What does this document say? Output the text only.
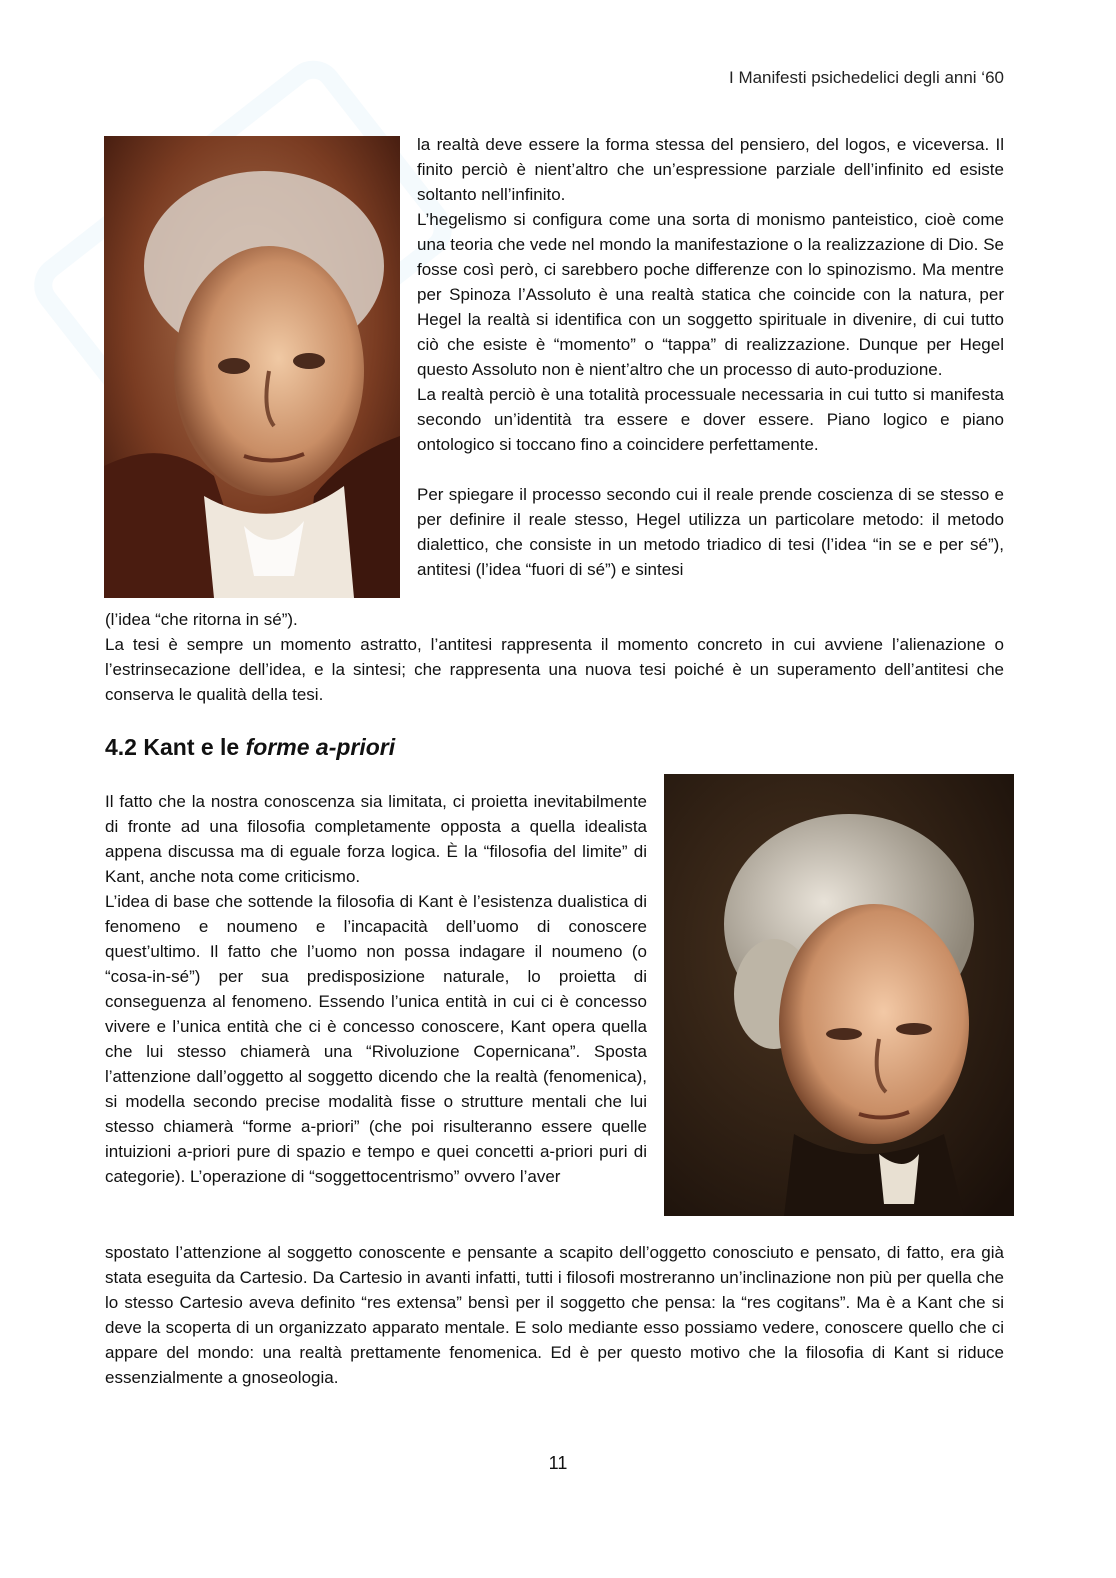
I Manifesti psichedelici degli anni ‘60

la realtà deve essere la forma stessa del pensiero, del logos, e viceversa. Il finito perciò è nient’altro che un’espressione parziale dell’infinito ed esiste soltanto nell’infinito.

L’hegelismo si configura come una sorta di monismo panteistico, cioè come una teoria che vede nel mondo la manifestazione o la realizzazione di Dio. Se fosse così però, ci sarebbero poche differenze con lo spinozismo. Ma mentre per Spinoza l’Assoluto è una realtà statica che coincide con la natura, per Hegel la realtà si identifica con un soggetto spirituale in divenire, di cui tutto ciò che esiste è “momento” o “tappa” di realizzazione. Dunque per Hegel questo Assoluto non è nient’altro che un processo di auto-produzione.

La realtà perciò è una totalità processuale necessaria in cui tutto si manifesta secondo un’identità tra essere e dover essere. Piano logico e piano ontologico si toccano fino a coincidere perfettamente.

Per spiegare il processo secondo cui il reale prende coscienza di se stesso e per definire il reale stesso, Hegel utilizza un particolare metodo: il metodo dialettico, che consiste in un metodo triadico di tesi (l’idea “in se e per sé”), antitesi (l’idea “fuori di sé”) e sintesi

(l’idea “che ritorna in sé”).

La tesi è sempre un momento astratto, l’antitesi rappresenta il momento concreto in cui avviene l’alienazione o l’estrinsecazione dell’idea, e la sintesi; che rappresenta una nuova tesi poiché è un superamento dell’antitesi che conserva le qualità della tesi.

4.2 Kant e le forme a-priori

Il fatto che la nostra conoscenza sia limitata, ci proietta inevitabilmente di fronte ad una filosofia completamente opposta a quella idealista appena discussa ma di eguale forza logica. È la “filosofia del limite” di Kant, anche nota come criticismo.

L’idea di base che sottende la filosofia di Kant è l’esistenza dualistica di fenomeno e noumeno e l’incapacità dell’uomo di conoscere quest’ultimo. Il fatto che l’uomo non possa indagare il noumeno (o “cosa-in-sé”) per sua predisposizione naturale, lo proietta di conseguenza al fenomeno. Essendo l’unica entità in cui ci è concesso vivere e l’unica entità che ci è concesso conoscere, Kant opera quella che lui stesso chiamerà una “Rivoluzione Copernicana”. Sposta l’attenzione dall’oggetto al soggetto dicendo che la realtà (fenomenica), si modella secondo precise modalità fisse o strutture mentali che lui stesso chiamerà “forme a-priori” (che poi risulteranno essere quelle intuizioni a-priori pure di spazio e tempo e quei concetti a-priori puri di categorie). L’operazione di “soggettocentrismo” ovvero l’aver

spostato l’attenzione al soggetto conoscente e pensante a scapito dell’oggetto conosciuto e pensato, di fatto, era già stata eseguita da Cartesio. Da Cartesio in avanti infatti, tutti i filosofi mostreranno un’inclinazione non più per quella che lo stesso Cartesio aveva definito “res extensa” bensì per il soggetto che pensa: la “res cogitans”. Ma è a Kant che si deve la scoperta di un organizzato apparato mentale. E solo mediante esso possiamo vedere, conoscere quello che ci appare del mondo: una realtà prettamente fenomenica. Ed è per questo motivo che la filosofia di Kant si riduce essenzialmente a gnoseologia.

11
